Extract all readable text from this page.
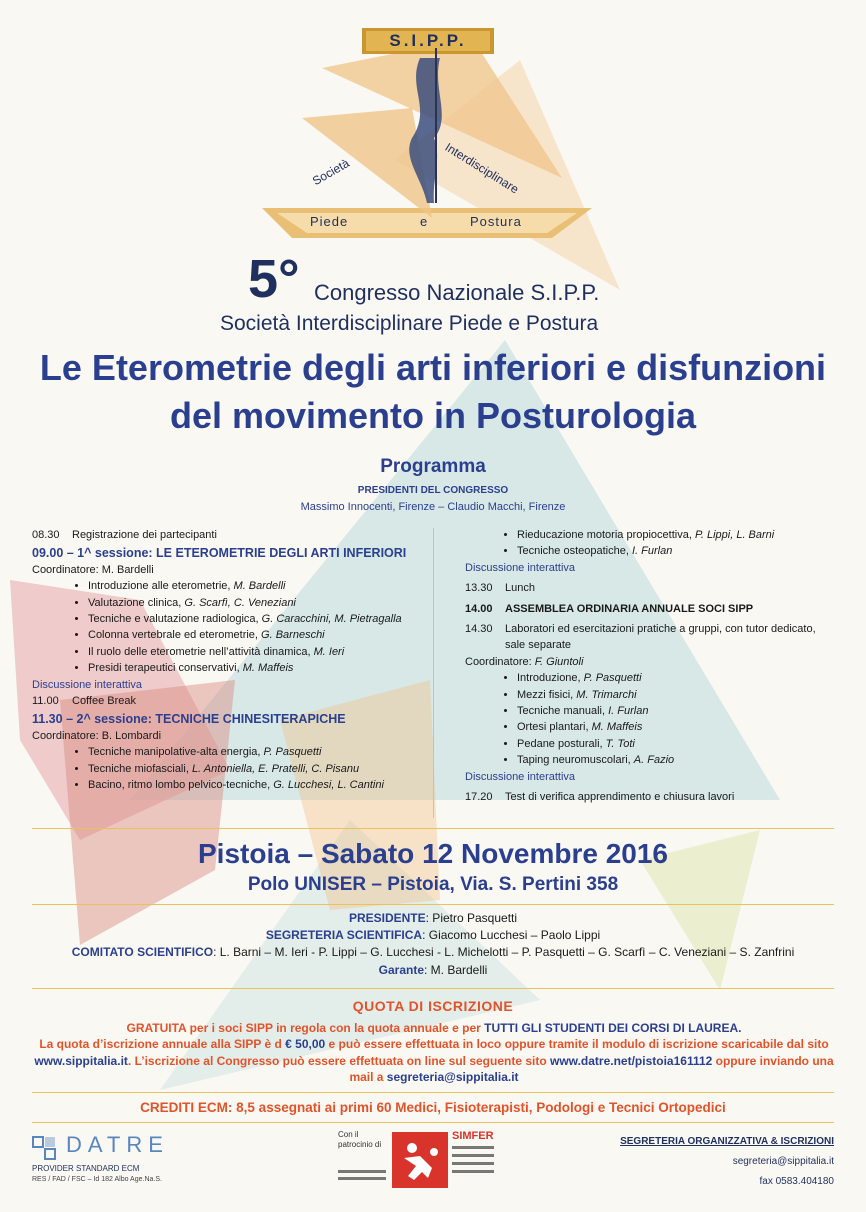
S.I.P.P.
Società	Interdisciplinare
Piede	e	Postura
5° Congresso Nazionale S.I.P.P.
Società Interdisciplinare Piede e Postura
Le Eterometrie degli arti inferiori e disfunzioni
del movimento in Posturologia
Programma
PRESIDENTI DEL CONGRESSO
Massimo Innocenti, Firenze – Claudio Macchi, Firenze
08.30	Registrazione dei partecipanti
09.00 – 1^ sessione: LE ETEROMETRIE DEGLI ARTI INFERIORI
Coordinatore: M. Bardelli
• Introduzione alle eterometrie, M. Bardelli
• Valutazione clinica, G. Scarfì, C. Veneziani
• Tecniche e valutazione radiologica, G. Caracchini, M. Pietragalla
• Colonna vertebrale ed eterometrie, G. Barneschi
• Il ruolo delle eterometrie nell’attività dinamica, M. Ieri
• Presidi terapeutici conservativi, M. Maffeis
Discussione interattiva
11.00	Coffee Break
11.30 – 2^ sessione: TECNICHE CHINESITERAPICHE
Coordinatore: B. Lombardi
• Tecniche manipolative-alta energia, P. Pasquetti
• Tecniche miofasciali, L. Antoniella, E. Pratelli, C. Pisanu
• Bacino, ritmo lombo pelvico-tecniche, G. Lucchesi, L. Cantini
• Rieducazione motoria propiocettiva, P. Lippi, L. Barni
• Tecniche osteopatiche, I. Furlan
Discussione interattiva
13.30	Lunch
14.00	ASSEMBLEA ORDINARIA ANNUALE SOCI SIPP
14.30	Laboratori ed esercitazioni pratiche a gruppi, con tutor dedicato, sale separate
Coordinatore: F. Giuntoli
• Introduzione, P. Pasquetti
• Mezzi fisici, M. Trimarchi
• Tecniche manuali, I. Furlan
• Ortesi plantari, M. Maffeis
• Pedane posturali, T. Toti
• Taping neuromuscolari, A. Fazio
Discussione interattiva
17.20	Test di verifica apprendimento e chiusura lavori
Pistoia – Sabato 12 Novembre 2016
Polo UNISER – Pistoia, Via. S. Pertini 358
PRESIDENTE: Pietro Pasquetti
SEGRETERIA SCIENTIFICA: Giacomo Lucchesi – Paolo Lippi
COMITATO SCIENTIFICO: L. Barni – M. Ieri - P. Lippi – G. Lucchesi - L. Michelotti – P. Pasquetti – G. Scarfì – C. Veneziani – S. Zanfrini
Garante: M. Bardelli
QUOTA DI ISCRIZIONE
GRATUITA per i soci SIPP in regola con la quota annuale e per TUTTI GLI STUDENTI DEI CORSI DI LAUREA.
La quota d’iscrizione annuale alla SIPP è d € 50,00 e può essere effettuata in loco oppure tramite il modulo di iscrizione scaricabile dal sito www.sippitalia.it. L’iscrizione al Congresso può essere effettuata on line sul seguente sito www.datre.net/pistoia161112 oppure inviando una mail a segreteria@sippitalia.it
CREDITI ECM: 8,5 assegnati ai primi 60 Medici, Fisioterapisti, Podologi e Tecnici Ortopedici
DATRE
PROVIDER STANDARD ECM
RES / FAD / FSC – Id 182 Albo Age.Na.S.
Con il
patrocinio di
SIMFER	SEGRETERIA ORGANIZZATIVA & ISCRIZIONI
segreteria@sippitalia.it
fax 0583.404180
